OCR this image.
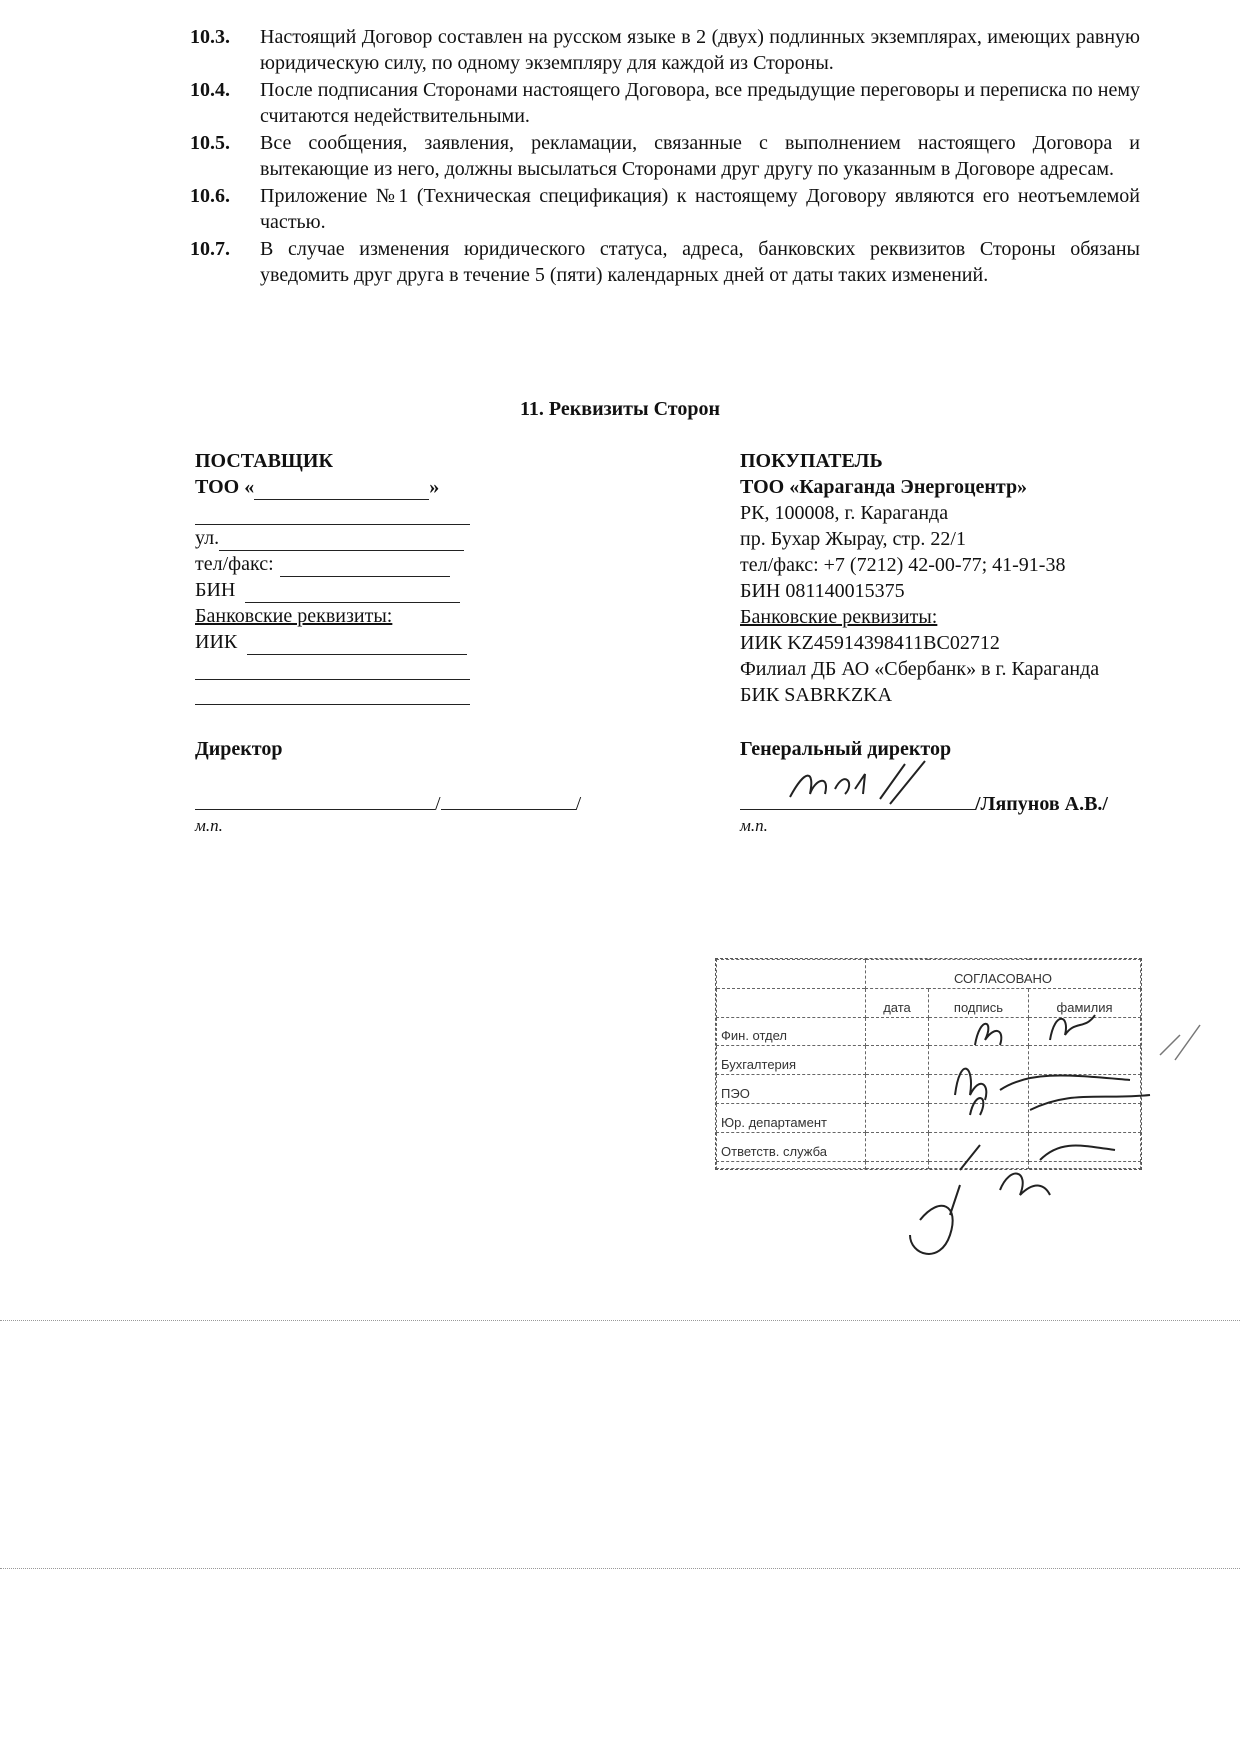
10.3.	Настоящий Договор составлен на русском языке в 2 (двух) подлинных экземплярах, имеющих равную юридическую силу, по одному экземпляру для каждой из Стороны.
10.4.	После подписания Сторонами настоящего Договора, все предыдущие переговоры и переписка по нему считаются недействительными.
10.5.	Все сообщения, заявления, рекламации, связанные с выполнением настоящего Договора и вытекающие из него, должны высылаться Сторонами друг другу по указанным в Договоре адресам.
10.6.	Приложение №1 (Техническая спецификация) к настоящему Договору являются его неотъемлемой частью.
10.7.	В случае изменения юридического статуса, адреса, банковских реквизитов Стороны обязаны уведомить друг друга в течение 5 (пяти) календарных дней от даты таких изменений.
11. Реквизиты Сторон
ПОСТАВЩИК
ТОО «	»
ул.
тел/факс:
БИН
Банковские реквизиты:
ИИК
Директор
/	/
м.п.
ПОКУПАТЕЛЬ
ТОО «Караганда Энергоцентр»
РК, 100008, г. Караганда
пр. Бухар Жырау, стр. 22/1
тел/факс: +7 (7212) 42-00-77; 41-91-38
БИН 081140015375
Банковские реквизиты:
ИИК KZ45914398411BC02712
Филиал ДБ АО «Сбербанк» в г. Караганда
БИК SABRKZKA
Генеральный директор
/Ляпунов А.В./
м.п.
	СОГЛАСОВАНО		
	дата	подпись	фамилия
Фин. отдел			
Бухгалтерия			
ПЭО			
Юр. департамент			
Ответств. служба			
